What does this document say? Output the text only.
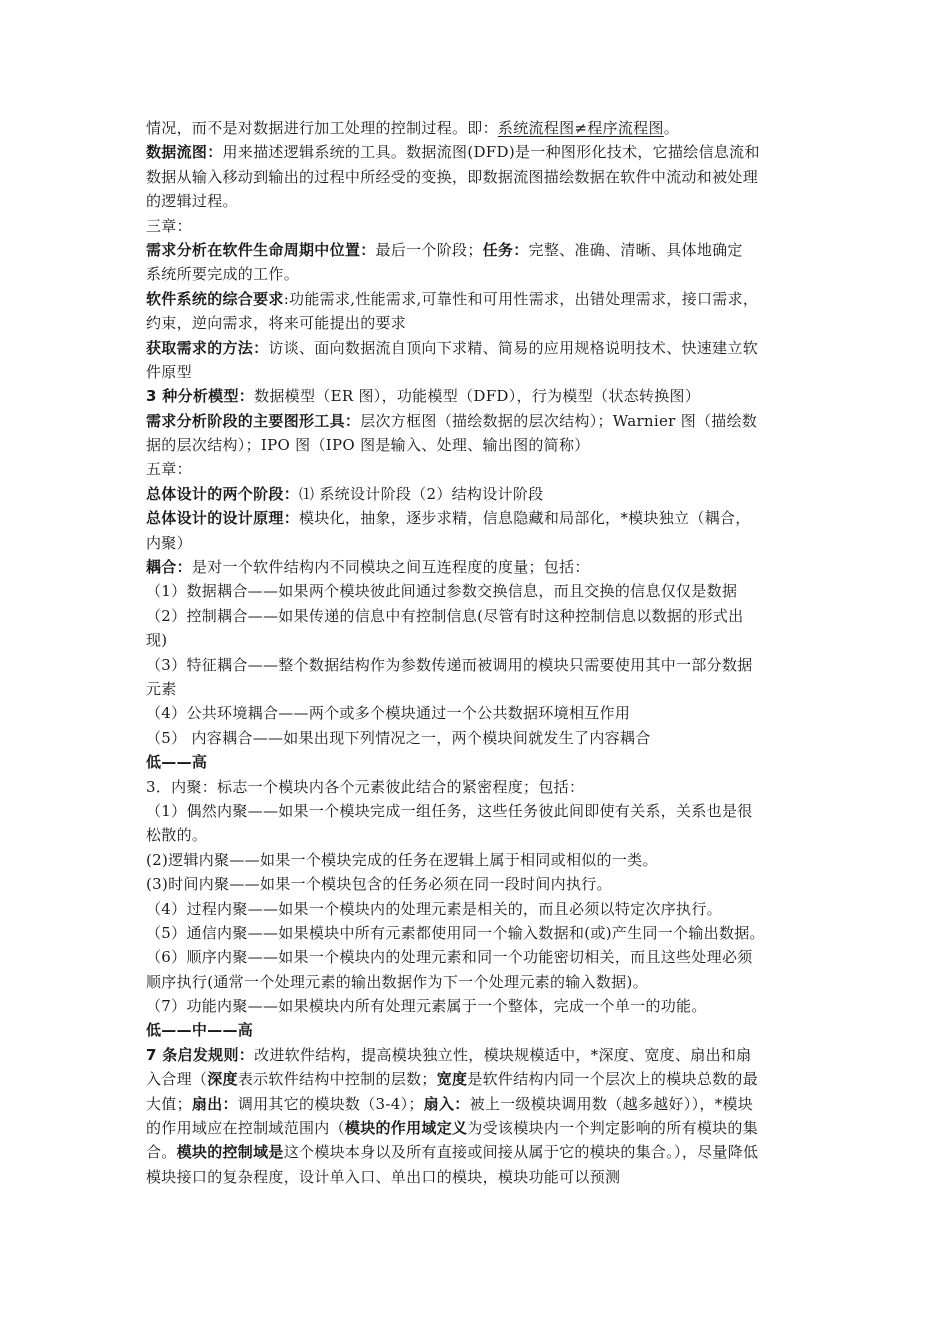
情况，而不是对数据进行加工处理的控制过程。即：系统流程图≠程序流程图。
数据流图：用来描述逻辑系统的工具。数据流图(DFD)是一种图形化技术，它描绘信息流和
数据从输入移动到输出的过程中所经受的变换，即数据流图描绘数据在软件中流动和被处理
的逻辑过程。
三章：
需求分析在软件生命周期中位置：最后一个阶段；任务：完整、准确、清晰、具体地确定
系统所要完成的工作。
软件系统的综合要求:功能需求,性能需求,可靠性和可用性需求，出错处理需求，接口需求，
约束，逆向需求，将来可能提出的要求
获取需求的方法：访谈、面向数据流自顶向下求精、简易的应用规格说明技术、快速建立软
件原型
3 种分析模型：数据模型（ER 图），功能模型（DFD），行为模型（状态转换图）
需求分析阶段的主要图形工具：层次方框图（描绘数据的层次结构）；Warnier 图（描绘数
据的层次结构）；IPO 图（IPO 图是输入、处理、输出图的简称）
五章：
总体设计的两个阶段：⑴ 系统设计阶段（2）结构设计阶段
总体设计的设计原理：模块化，抽象，逐步求精，信息隐藏和局部化，*模块独立（耦合，
内聚）
耦合：是对一个软件结构内不同模块之间互连程度的度量；包括：
（1）数据耦合——如果两个模块彼此间通过参数交换信息，而且交换的信息仅仅是数据
（2）控制耦合——如果传递的信息中有控制信息(尽管有时这种控制信息以数据的形式出
现)
（3）特征耦合——整个数据结构作为参数传递而被调用的模块只需要使用其中一部分数据
元素
（4）公共环境耦合——两个或多个模块通过一个公共数据环境相互作用
（5） 内容耦合——如果出现下列情况之一，两个模块间就发生了内容耦合
低——高
3．内聚：标志一个模块内各个元素彼此结合的紧密程度；包括：
（1）偶然内聚——如果一个模块完成一组任务，这些任务彼此间即使有关系，关系也是很
松散的。
(2)逻辑内聚——如果一个模块完成的任务在逻辑上属于相同或相似的一类。
(3)时间内聚——如果一个模块包含的任务必须在同一段时间内执行。
（4）过程内聚——如果一个模块内的处理元素是相关的，而且必须以特定次序执行。
（5）通信内聚——如果模块中所有元素都使用同一个输入数据和(或)产生同一个输出数据。
（6）顺序内聚——如果一个模块内的处理元素和同一个功能密切相关，而且这些处理必须
顺序执行(通常一个处理元素的输出数据作为下一个处理元素的输入数据)。
（7）功能内聚——如果模块内所有处理元素属于一个整体，完成一个单一的功能。
低——中——高
7 条启发规则：改进软件结构，提高模块独立性，模块规模适中，*深度、宽度、扇出和扇
入合理（深度表示软件结构中控制的层数；宽度是软件结构内同一个层次上的模块总数的最
大值；扇出：调用其它的模块数（3-4）；扇入：被上一级模块调用数（越多越好）），*模块
的作用域应在控制域范围内（模块的作用域定义为受该模块内一个判定影响的所有模块的集
合。模块的控制域是这个模块本身以及所有直接或间接从属于它的模块的集合。），尽量降低
模块接口的复杂程度，设计单入口、单出口的模块，模块功能可以预测
